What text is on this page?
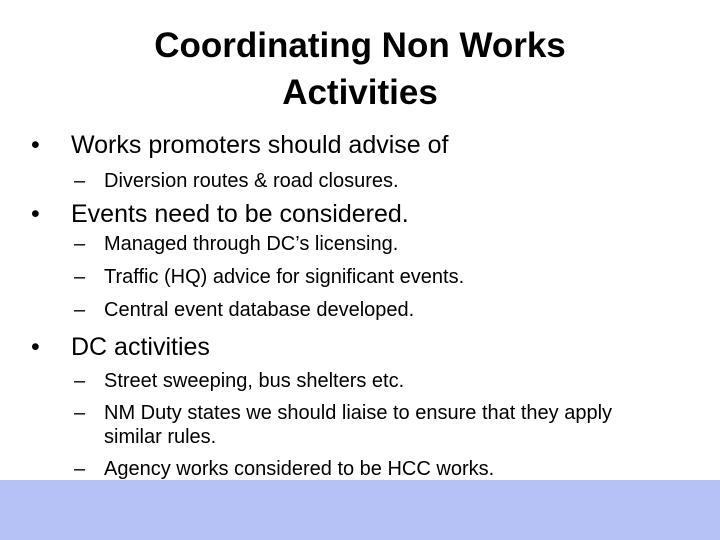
Coordinating Non Works
Activities
• Works promoters should advise of
– Diversion routes & road closures.
• Events need to be considered.
– Managed through DC’s licensing.
– Traffic (HQ) advice for significant events.
– Central event database developed.
• DC activities
– Street sweeping, bus shelters etc.
– NM Duty states we should liaise to ensure that they apply similar rules.
– Agency works considered to be HCC works.
